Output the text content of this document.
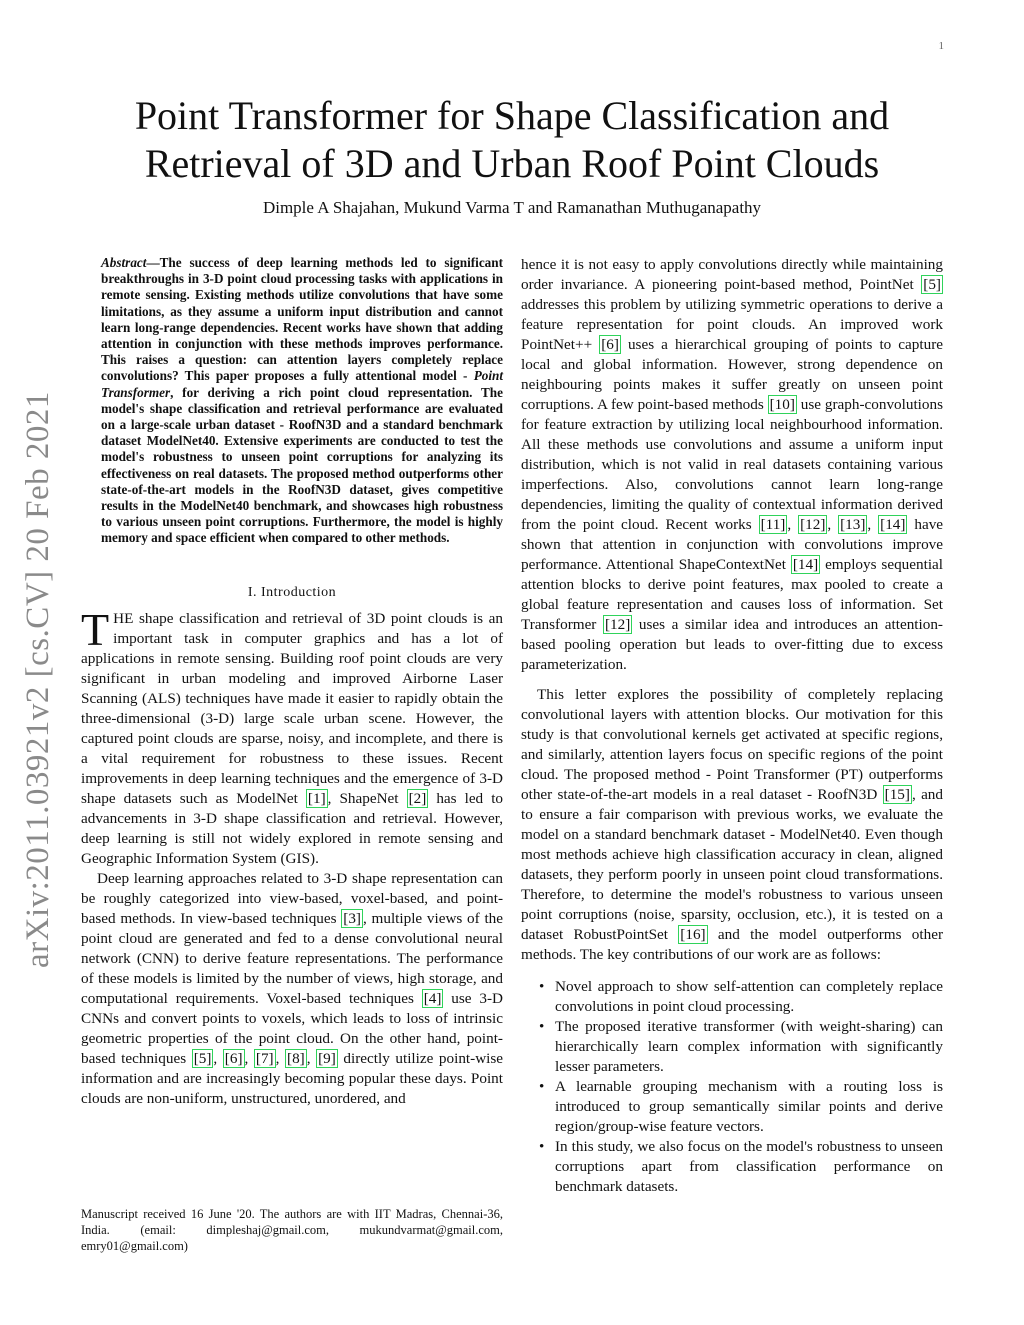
1
arXiv:2011.03921v2 [cs.CV] 20 Feb 2021
Point Transformer for Shape Classification and Retrieval of 3D and Urban Roof Point Clouds
Dimple A Shajahan, Mukund Varma T and Ramanathan Muthuganapathy

Abstract—The success of deep learning methods led to significant breakthroughs in 3-D point cloud processing tasks with applications in remote sensing. Existing methods utilize convolutions that have some limitations, as they assume a uniform input distribution and cannot learn long-range dependencies. Recent works have shown that adding attention in conjunction with these methods improves performance. This raises a question: can attention layers completely replace convolutions? This paper proposes a fully attentional model - Point Transformer, for deriving a rich point cloud representation. The model's shape classification and retrieval performance are evaluated on a large-scale urban dataset - RoofN3D and a standard benchmark dataset ModelNet40. Extensive experiments are conducted to test the model's robustness to unseen point corruptions for analyzing its effectiveness on real datasets. The proposed method outperforms other state-of-the-art models in the RoofN3D dataset, gives competitive results in the ModelNet40 benchmark, and showcases high robustness to various unseen point corruptions. Furthermore, the model is highly memory and space efficient when compared to other methods.

I. Introduction

THE shape classification and retrieval of 3D point clouds is an important task in computer graphics and has a lot of applications in remote sensing. Building roof point clouds are very significant in urban modeling and improved Airborne Laser Scanning (ALS) techniques have made it easier to rapidly obtain the three-dimensional (3-D) large scale urban scene. However, the captured point clouds are sparse, noisy, and incomplete, and there is a vital requirement for robustness to these issues. Recent improvements in deep learning techniques and the emergence of 3-D shape datasets such as ModelNet [1] , ShapeNet [2] has led to advancements in 3-D shape classification and retrieval. However, deep learning is still not widely explored in remote sensing and Geographic Information System (GIS).

Deep learning approaches related to 3-D shape representation can be roughly categorized into view-based, voxel-based, and point-based methods. In view-based techniques [3] , multiple views of the point cloud are generated and fed to a dense convolutional neural network (CNN) to derive feature representations. The performance of these models is limited by the number of views, high storage, and computational requirements. Voxel-based techniques [4] use 3-D CNNs and convert points to voxels, which leads to loss of intrinsic geometric properties of the point cloud. On the other hand, point-based techniques [5] , [6] , [7] , [8] , [9] directly utilize point-wise information and are increasingly becoming popular these days. Point clouds are non-uniform, unstructured, unordered, and

Manuscript received 16 June '20. The authors are with IIT Madras, Chennai-36, India. (email: dimpleshaj@gmail.com, mukundvarmat@gmail.com, emry01@gmail.com)

hence it is not easy to apply convolutions directly while maintaining order invariance. A pioneering point-based method, PointNet [5] addresses this problem by utilizing symmetric operations to derive a feature representation for point clouds. An improved work PointNet++ [6] uses a hierarchical grouping of points to capture local and global information. However, strong dependence on neighbouring points makes it suffer greatly on unseen point corruptions. A few point-based methods [10] use graph-convolutions for feature extraction by utilizing local neighbourhood information. All these methods use convolutions and assume a uniform input distribution, which is not valid in real datasets containing various imperfections. Also, convolutions cannot learn long-range dependencies, limiting the quality of contextual information derived from the point cloud. Recent works [11] , [12] , [13] , [14] have shown that attention in conjunction with convolutions improve performance. Attentional ShapeContextNet [14] employs sequential attention blocks to derive point features, max pooled to create a global feature representation and causes loss of information. Set Transformer [12] uses a similar idea and introduces an attention-based pooling operation but leads to over-fitting due to excess parameterization.

This letter explores the possibility of completely replacing convolutional layers with attention blocks. Our motivation for this study is that convolutional kernels get activated at specific regions, and similarly, attention layers focus on specific regions of the point cloud. The proposed method - Point Transformer (PT) outperforms other state-of-the-art models in a real dataset - RoofN3D [15] , and to ensure a fair comparison with previous works, we evaluate the model on a standard benchmark dataset - ModelNet40. Even though most methods achieve high classification accuracy in clean, aligned datasets, they perform poorly in unseen point cloud transformations. Therefore, to determine the model's robustness to various unseen point corruptions (noise, sparsity, occlusion, etc.), it is tested on a dataset RobustPointSet [16] and the model outperforms other methods. The key contributions of our work are as follows:

• Novel approach to show self-attention can completely replace convolutions in point cloud processing.
• The proposed iterative transformer (with weight-sharing) can hierarchically learn complex information with significantly lesser parameters.
• A learnable grouping mechanism with a routing loss is introduced to group semantically similar points and derive region/group-wise feature vectors.
• In this study, we also focus on the model's robustness to unseen corruptions apart from classification performance on benchmark datasets.
